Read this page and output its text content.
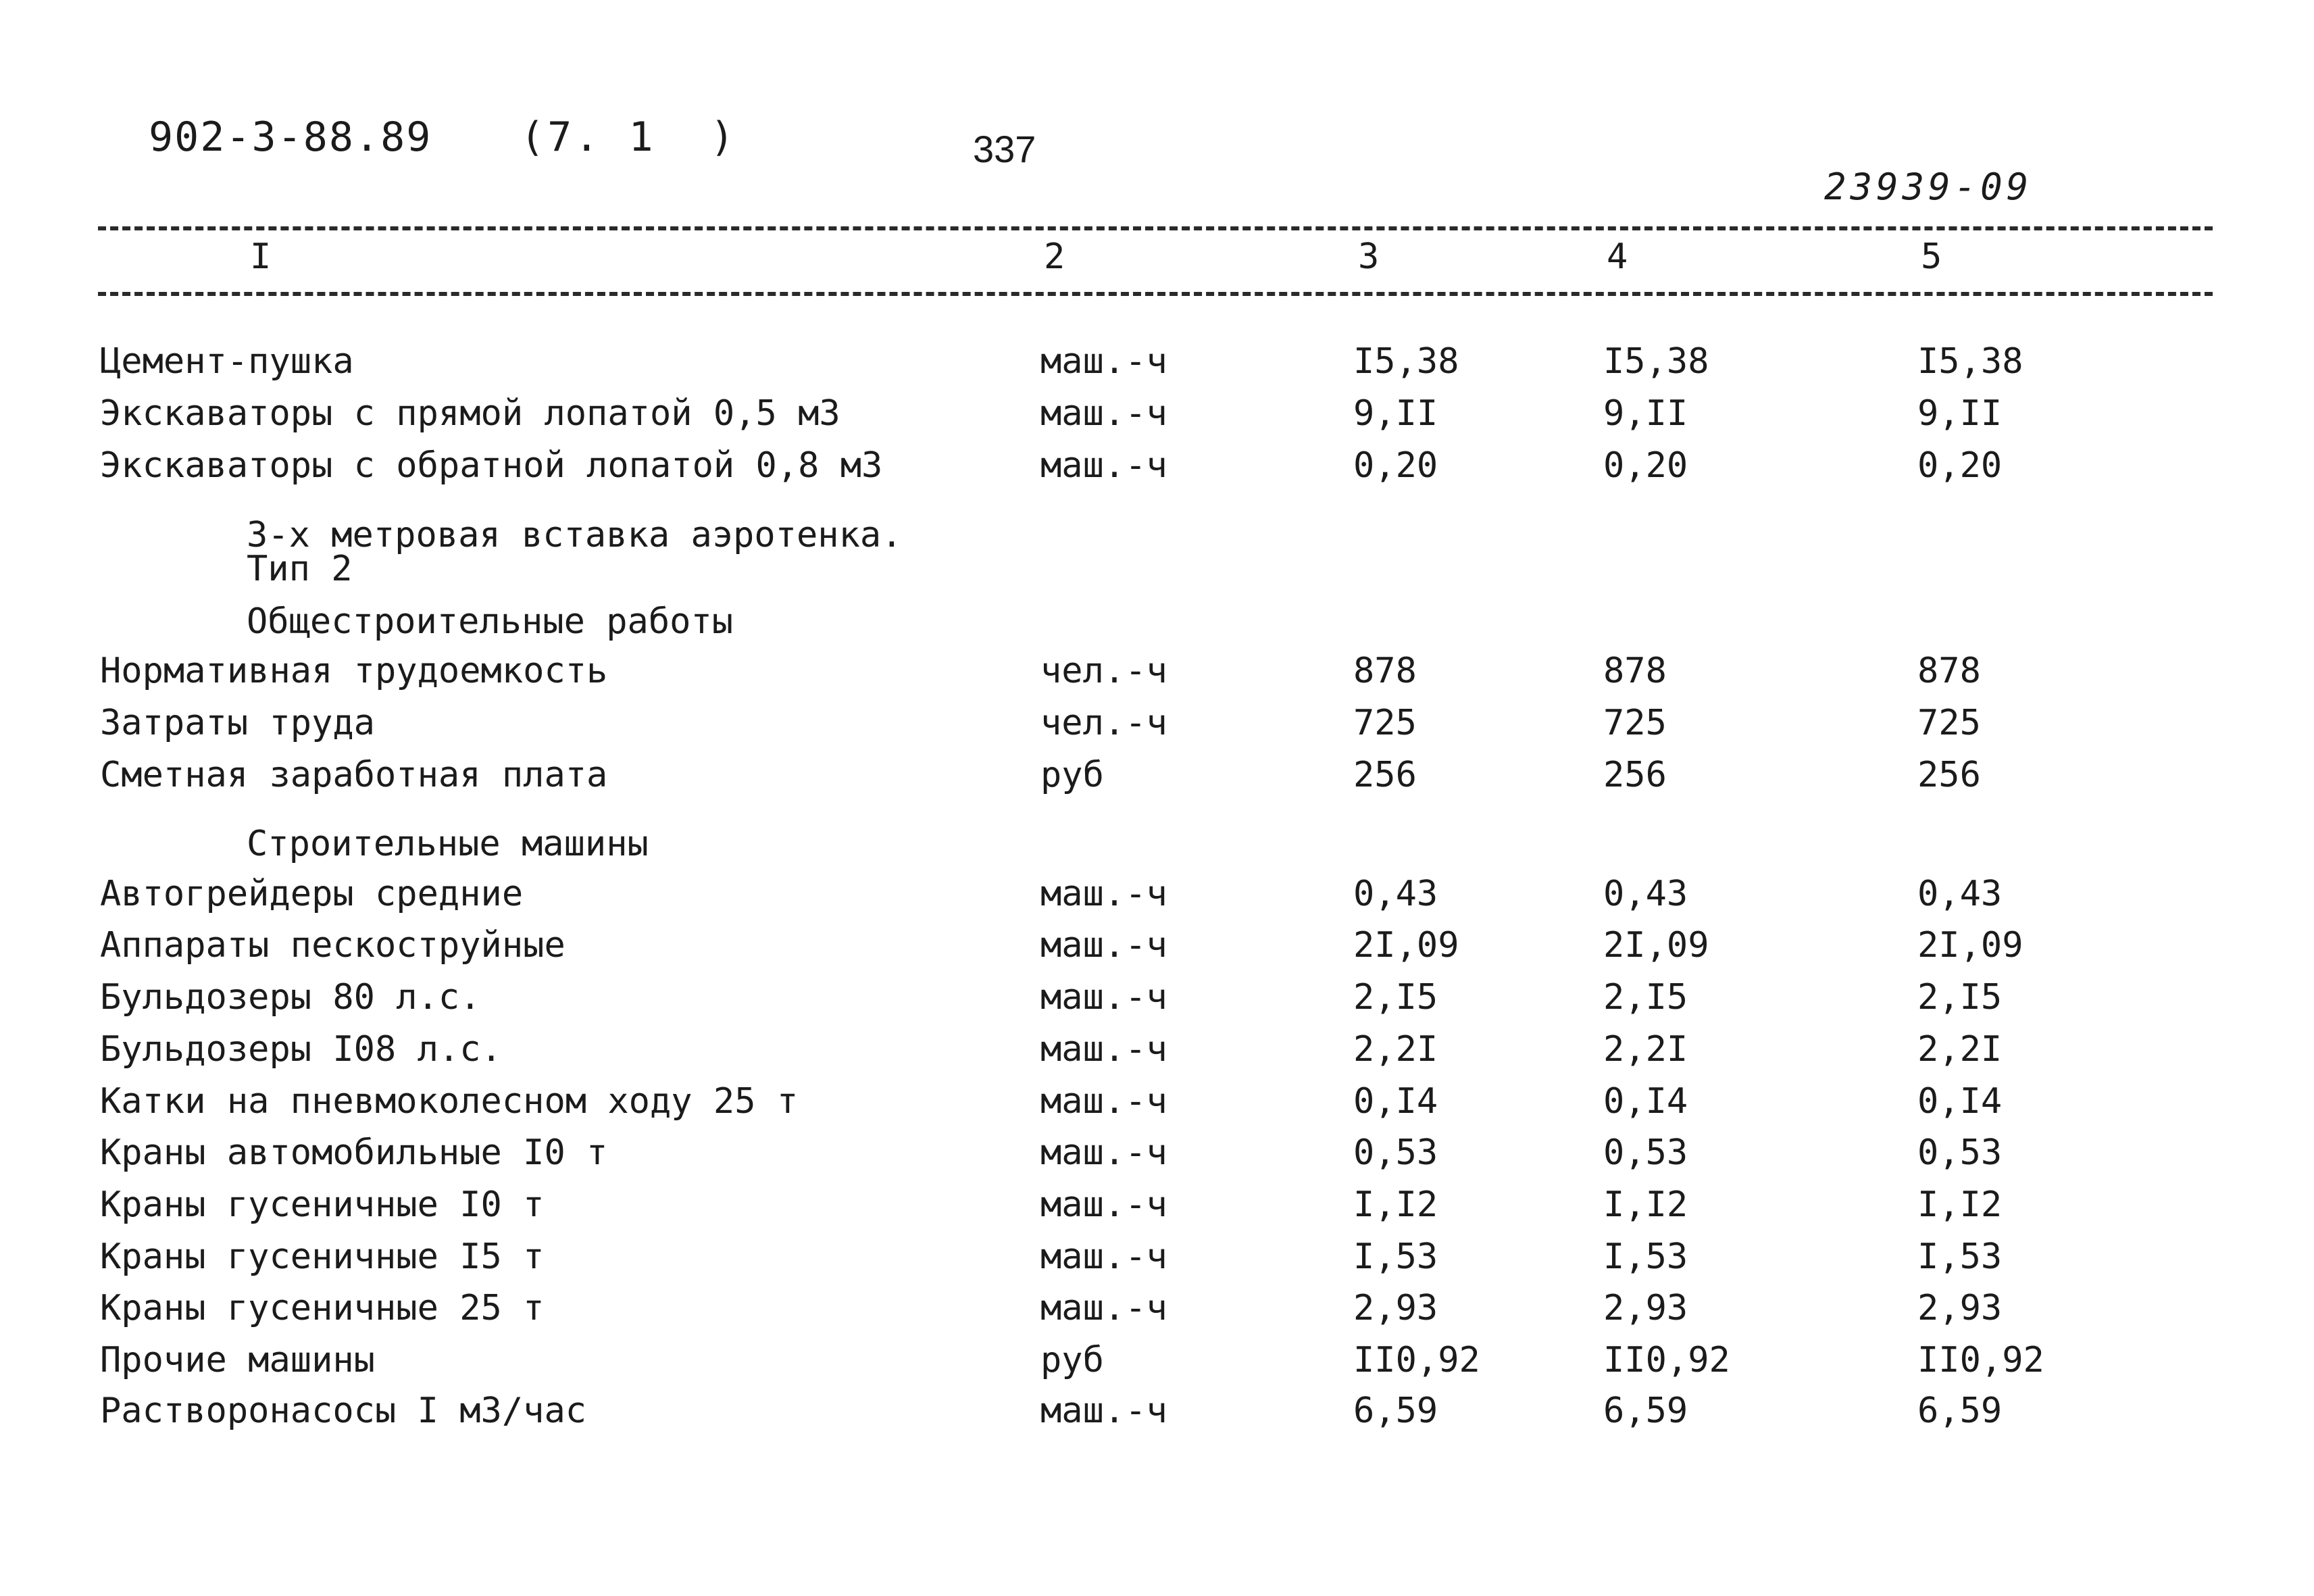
902-3-88.89 (7. 1  )	337
23939-09
I	2	3	4	5
Цемент-пушка	маш.-ч	I5,38	I5,38	I5,38
Экскаваторы с прямой лопатой 0,5 м3	маш.-ч	9,II	9,II	9,II
Экскаваторы с обратной лопатой 0,8 м3	маш.-ч	0,20	0,20	0,20
3-х метровая вставка аэротенка.
Тип 2
Общестроительные работы
Нормативная трудоемкость	чел.-ч	878	878	878
Затраты труда	чел.-ч	725	725	725
Сметная заработная плата	руб	256	256	256
Строительные машины
Автогрейдеры средние	маш.-ч	0,43	0,43	0,43
Аппараты пескоструйные	маш.-ч	2I,09	2I,09	2I,09
Бульдозеры 80 л.с.	маш.-ч	2,I5	2,I5	2,I5
Бульдозеры I08 л.с.	маш.-ч	2,2I	2,2I	2,2I
Катки на пневмоколесном ходу 25 т	маш.-ч	0,I4	0,I4	0,I4
Краны автомобильные I0 т	маш.-ч	0,53	0,53	0,53
Краны гусеничные I0 т	маш.-ч	I,I2	I,I2	I,I2
Краны гусеничные I5 т	маш.-ч	I,53	I,53	I,53
Краны гусеничные 25 т	маш.-ч	2,93	2,93	2,93
Прочие машины	руб	II0,92	II0,92	II0,92
Растворонасосы I м3/час	маш.-ч	6,59	6,59	6,59
